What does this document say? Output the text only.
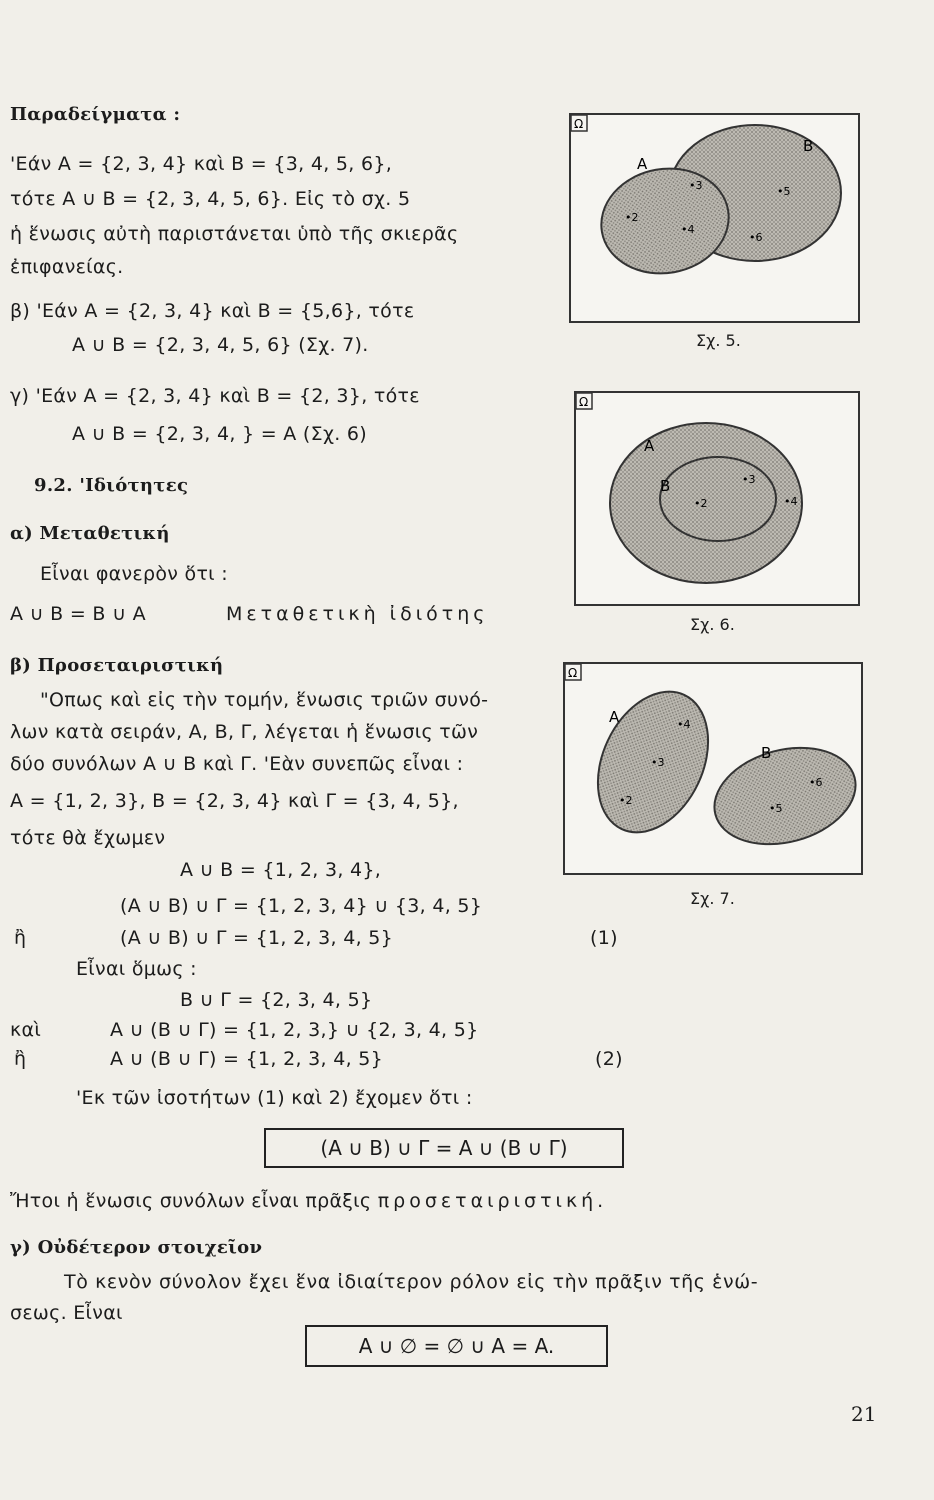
Παραδείγματα :
'Εάν A = {2, 3, 4} καὶ B = {3, 4, 5, 6},
τότε A ∪ B = {2, 3, 4, 5, 6}. Εἰς τὸ σχ. 5
ἡ ἕνωσις αὐτὴ παριστάνεται ὑπὸ τῆς σκιερᾶς
ἐπιφανείας.
β) 'Εάν A = {2, 3, 4} καὶ B = {5,6}, τότε
A ∪ B = {2, 3, 4, 5, 6} (Σχ. 7).
γ) 'Εάν A = {2, 3, 4} καὶ B = {2, 3}, τότε
A ∪ B = {2, 3, 4, } = A (Σχ. 6)
9.2. 'Ιδιότητες
α) Μεταθετική
Εἶναι φανερὸν ὅτι :
A ∪ B = B ∪ A	Μεταθετικὴ ἰδιότης
β) Προσεταιριστική
"Οπως καὶ εἰς τὴν τομήν, ἕνωσις τριῶν συνό-
λων κατὰ σειράν, A, B, Γ, λέγεται ἡ ἕνωσις τῶν
δύο συνόλων A ∪ B καὶ Γ. 'Εὰν συνεπῶς εἶναι :
A = {1, 2, 3}, B = {2, 3, 4} καὶ Γ = {3, 4, 5},
τότε θὰ ἔχωμεν
A ∪ B = {1, 2, 3, 4},
(A ∪ B) ∪ Γ = {1, 2, 3, 4} ∪ {3, 4, 5}
ἢ	(A ∪ B) ∪ Γ = {1, 2, 3, 4, 5}	(1)
Εἶναι ὅμως :
B ∪ Γ = {2, 3, 4, 5}
καὶ	A ∪ (B ∪ Γ) = {1, 2, 3,} ∪ {2, 3, 4, 5}
ἢ	A ∪ (B ∪ Γ) = {1, 2, 3, 4, 5}	(2)
'Εκ τῶν ἰσοτήτων (1) καὶ 2) ἔχομεν ὅτι :
(A ∪ B) ∪ Γ = A ∪ (B ∪ Γ)
Ἤτοι ἡ ἕνωσις συνόλων εἶναι πρᾶξις προσεταιριστική.
γ) Οὐδέτερον στοιχεῖον
Τὸ κενὸν σύνολον ἔχει ἕνα ἰδιαίτερον ρόλον εἰς τὴν πρᾶξιν τῆς ἑνώ-
σεως. Εἶναι
A ∪ ∅ = ∅ ∪ A = A.
21
Ω
A
B
•2
•3
•4
•5
•6
Σχ. 5.
Ω
A
B
•2
•3
•4
Σχ. 6.
Ω
A
B
•4
•3
•2
•6
•5
Σχ. 7.
